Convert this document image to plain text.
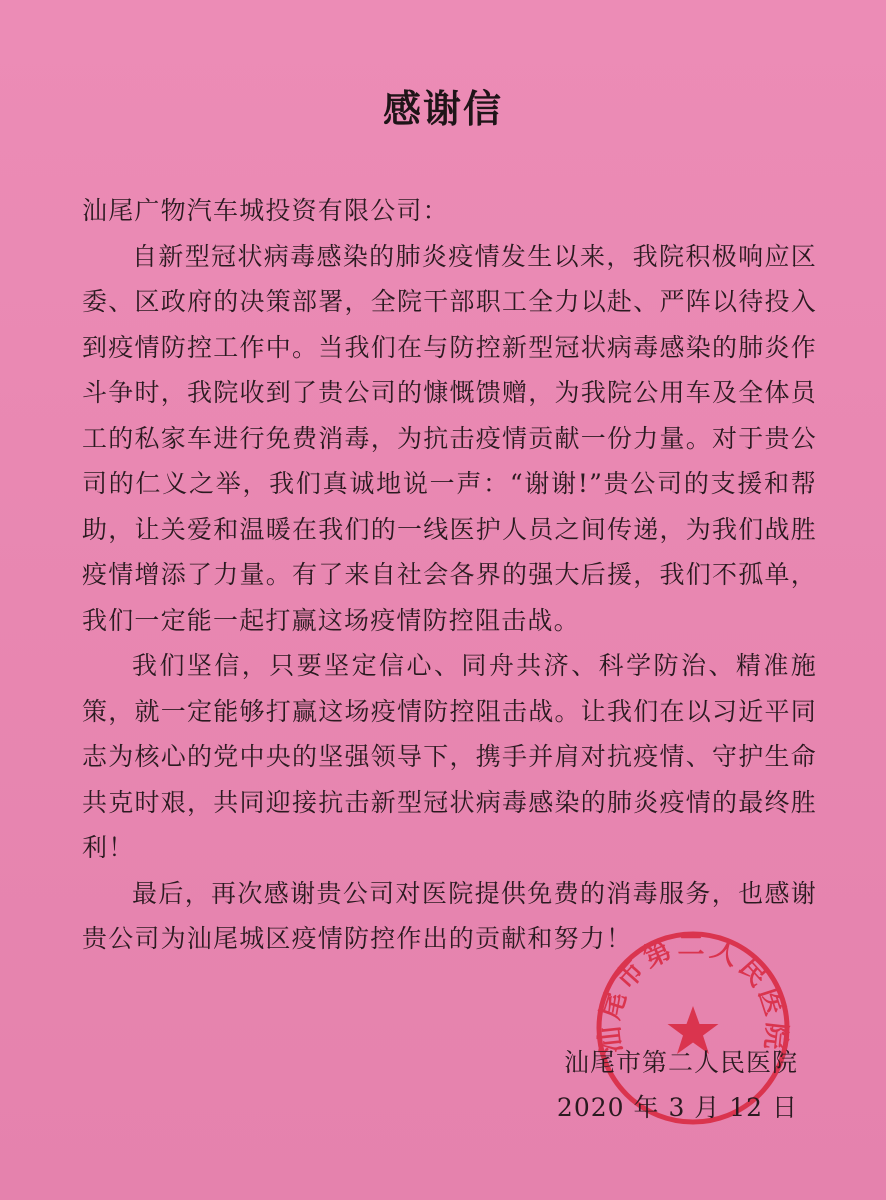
感谢信

汕尾广物汽车城投资有限公司：

自新型冠状病毒感染的肺炎疫情发生以来，我院积极响应区委、区政府的决策部署，全院干部职工全力以赴、严阵以待投入到疫情防控工作中。当我们在与防控新型冠状病毒感染的肺炎作斗争时，我院收到了贵公司的慷慨馈赠，为我院公用车及全体员工的私家车进行免费消毒，为抗击疫情贡献一份力量。对于贵公司的仁义之举，我们真诚地说一声：“谢谢!”贵公司的支援和帮助，让关爱和温暖在我们的一线医护人员之间传递，为我们战胜疫情增添了力量。有了来自社会各界的强大后援，我们不孤单，我们一定能一起打赢这场疫情防控阻击战。

我们坚信，只要坚定信心、同舟共济、科学防治、精准施策，就一定能够打赢这场疫情防控阻击战。让我们在以习近平同志为核心的党中央的坚强领导下，携手并肩对抗疫情、守护生命共克时艰，共同迎接抗击新型冠状病毒感染的肺炎疫情的最终胜利！

最后，再次感谢贵公司对医院提供免费的消毒服务，也感谢贵公司为汕尾城区疫情防控作出的贡献和努力！

汕尾市第二人民医院
汕尾市第二人民医院
2020 年 3 月 12 日
